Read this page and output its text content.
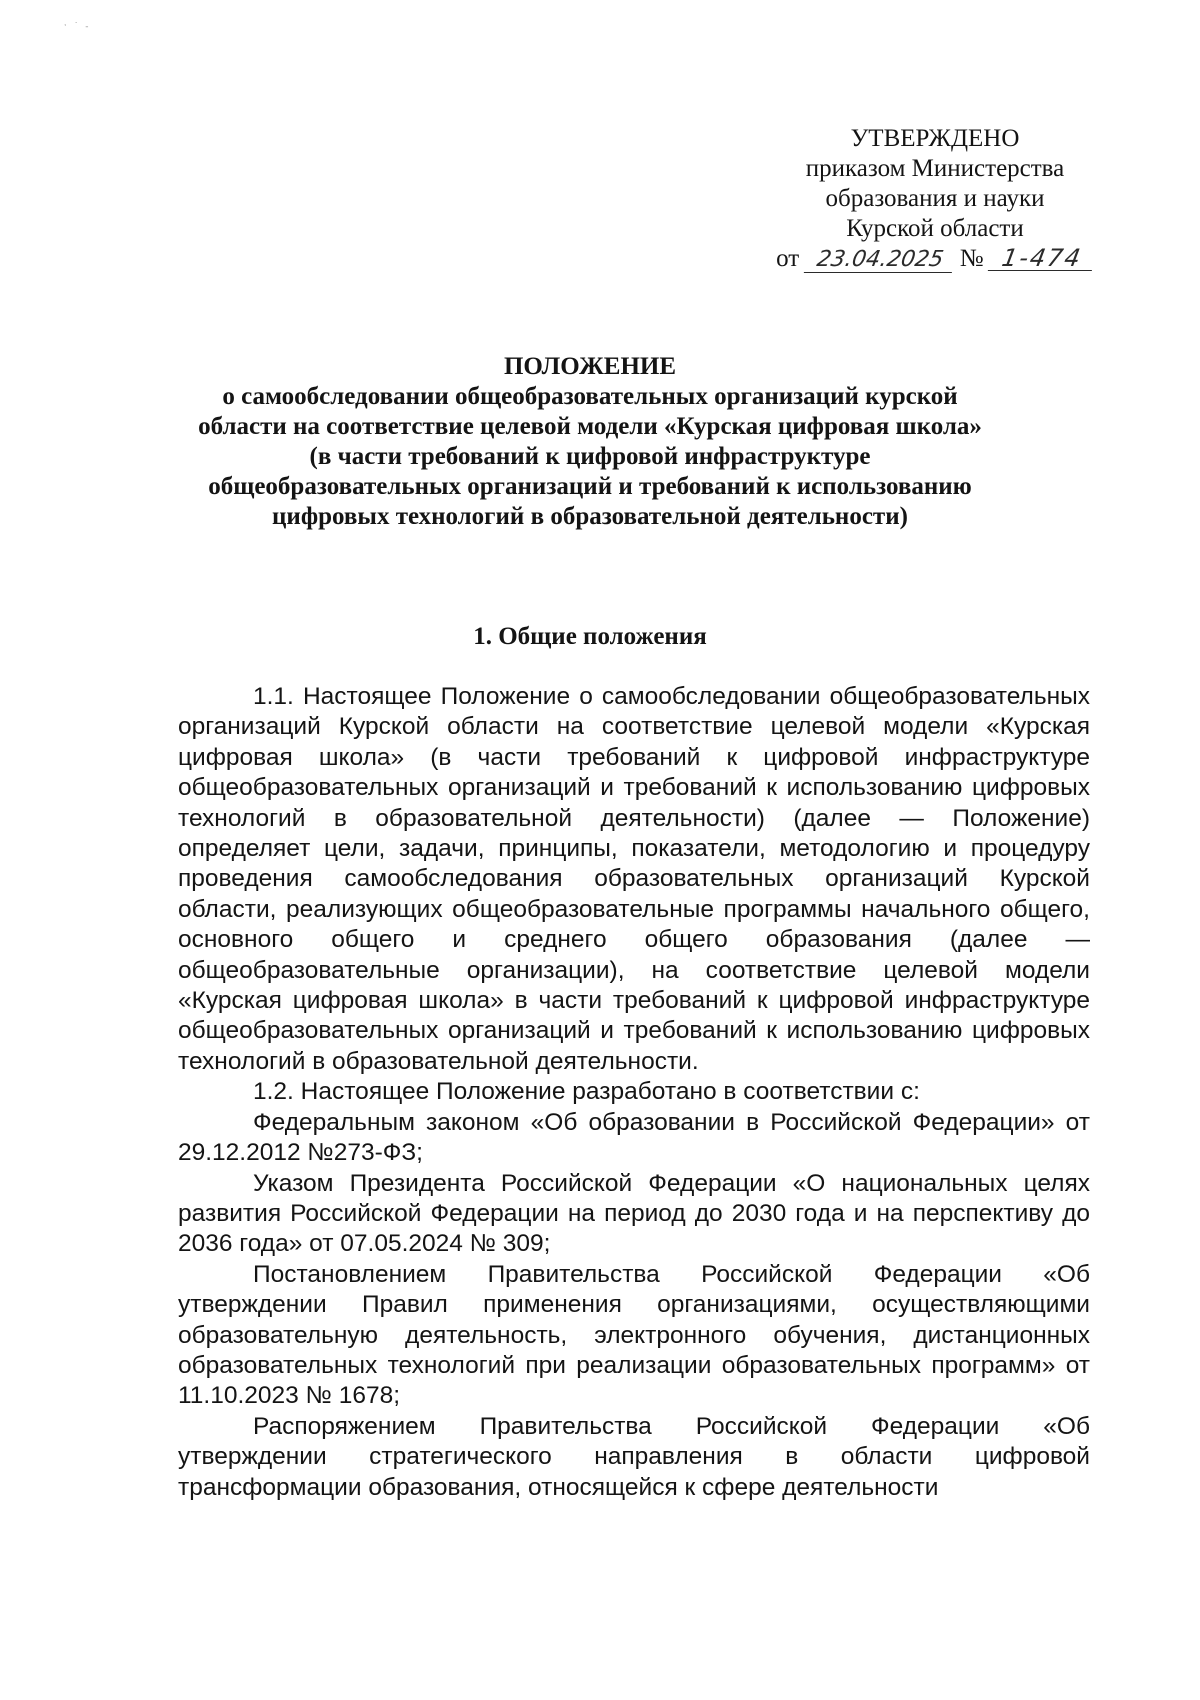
ˑ ˙ -
УТВЕРЖДЕНО
приказом Министерства
образования и науки
Курской области
от 23.04.2025 № 1-474
ПОЛОЖЕНИЕ
о самообследовании общеобразовательных организаций курской
области на соответствие целевой модели «Курская цифровая школа»
(в части требований к цифровой инфраструктуре
общеобразовательных организаций и требований к использованию
цифровых технологий в образовательной деятельности)
1. Общие положения

1.1. Настоящее Положение о самообследовании общеобразовательных организаций Курской области на соответствие целевой модели «Курская цифровая школа» (в части требований к цифровой инфраструктуре общеобразовательных организаций и требований к использованию цифровых технологий в образовательной деятельности) (далее — Положение) определяет цели, задачи, принципы, показатели, методологию и процедуру проведения самообследования образовательных организаций Курской области, реализующих общеобразовательные программы начального общего, основного общего и среднего общего образования (далее — общеобразовательные организации), на соответствие целевой модели «Курская цифровая школа» в части требований к цифровой инфраструктуре общеобразовательных организаций и требований к использованию цифровых технологий в образовательной деятельности.

1.2. Настоящее Положение разработано в соответствии с:

Федеральным законом «Об образовании в Российской Федерации» от 29.12.2012 №273-ФЗ;

Указом Президента Российской Федерации «О национальных целях развития Российской Федерации на период до 2030 года и на перспективу до 2036 года» от 07.05.2024 № 309;

Постановлением Правительства Российской Федерации «Об утверждении Правил применения организациями, осуществляющими образовательную деятельность, электронного обучения, дистанционных образовательных технологий при реализации образовательных программ» от 11.10.2023 № 1678;

Распоряжением Правительства Российской Федерации «Об утверждении стратегического направления в области цифровой трансформации образования, относящейся к сфере деятельности
